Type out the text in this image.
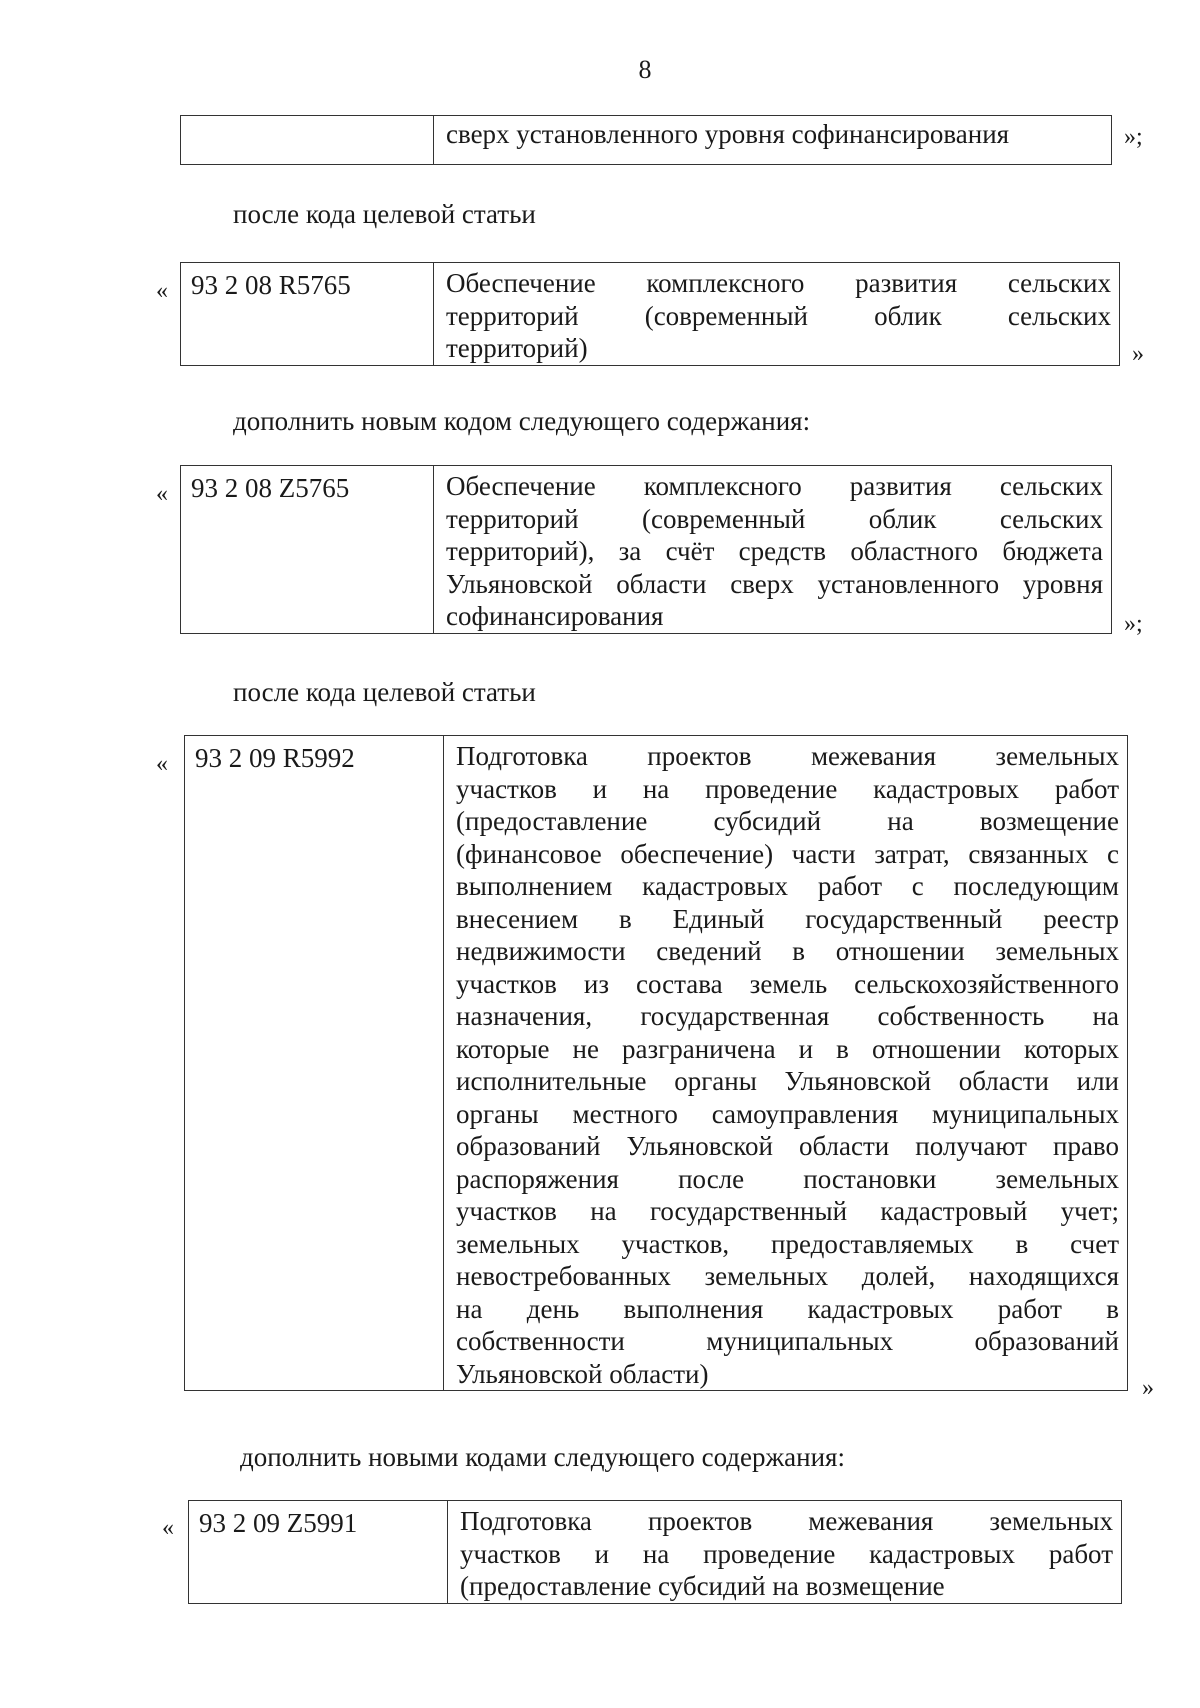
8

сверх установленного уровня софинансирования	»;
после кода целевой статьи
« 93 2 08 R5765	Обеспечение комплексного развития сельских
территорий (современный облик сельских
территорий)	»
дополнить новым кодом следующего содержания:
« 93 2 08 Z5765	Обеспечение комплексного развития сельских
территорий (современный облик сельских
территорий), за счёт средств областного бюджета
Ульяновской области сверх установленного уровня
софинансирования	»;
после кода целевой статьи
« 93 2 09 R5992	Подготовка проектов межевания земельных
участков и на проведение кадастровых работ
(предоставление субсидий на возмещение
(финансовое обеспечение) части затрат, связанных с
выполнением кадастровых работ с последующим
внесением в Единый государственный реестр
недвижимости сведений в отношении земельных
участков из состава земель сельскохозяйственного
назначения, государственная собственность на
которые не разграничена и в отношении которых
исполнительные органы Ульяновской области или
органы местного самоуправления муниципальных
образований Ульяновской области получают право
распоряжения после постановки земельных
участков на государственный кадастровый учет;
земельных участков, предоставляемых в счет
невостребованных земельных долей, находящихся
на день выполнения кадастровых работ в
собственности муниципальных образований
Ульяновской области)	»
дополнить новыми кодами следующего содержания:
« 93 2 09 Z5991	Подготовка проектов межевания земельных
участков и на проведение кадастровых работ
(предоставление субсидий на возмещение
